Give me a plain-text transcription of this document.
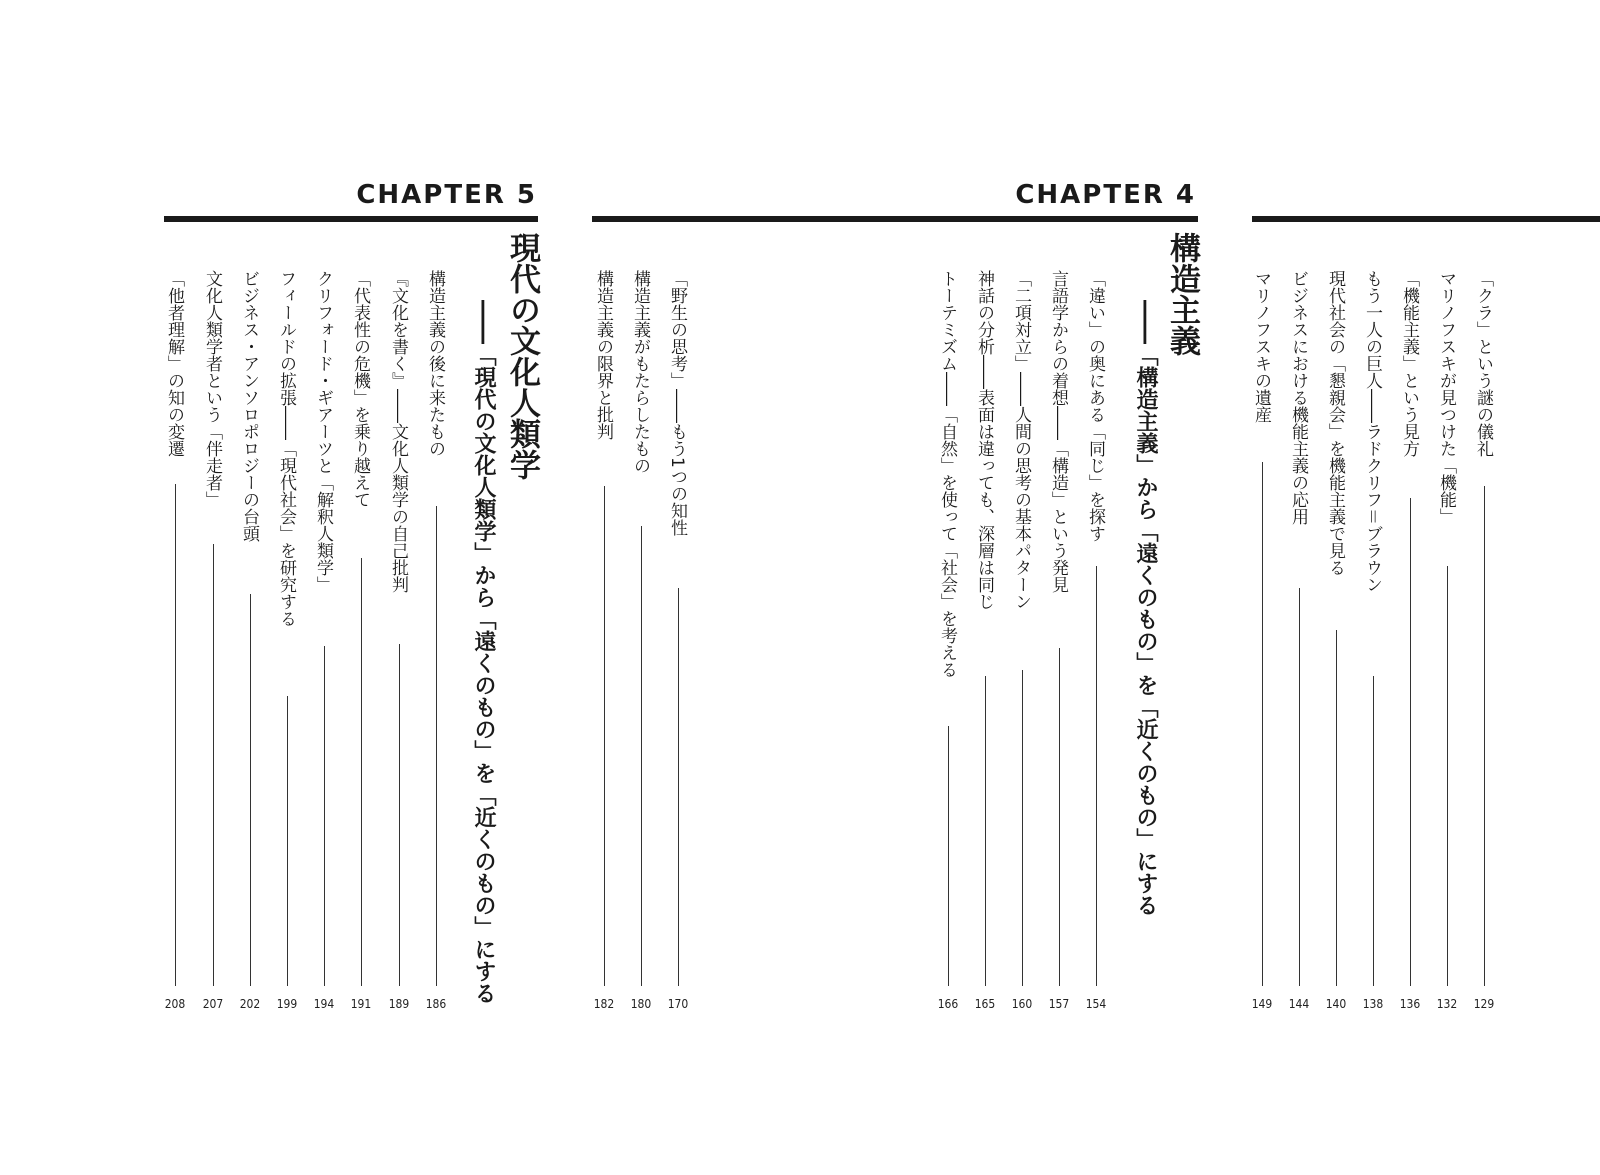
CHAPTER 5	CHAPTER 4
現代の文化人類学
――「現代の文化人類学」から「遠くのもの」を「近くのもの」にする
構造主義
――「構造主義」から「遠くのもの」を「近くのもの」にする
構造主義の後に来たもの
186
『文化を書く』――文化人類学の自己批判
189
「代表性の危機」を乗り越えて
191
クリフォード・ギアーツと「解釈人類学」
194
フィールドの拡張――「現代社会」を研究する
199
ビジネス・アンソロポロジーの台頭
202
文化人類学者という「伴走者」
207
「他者理解」の知の変遷
208
「違い」の奥にある「同じ」を探す
154
言語学からの着想――「構造」という発見
157
「二項対立」――人間の思考の基本パターン
160
神話の分析――表面は違っても、深層は同じ
165
トーテミズム――「自然」を使って「社会」を考える
166
「野生の思考」――もう1つの知性
170
構造主義がもたらしたもの
180
構造主義の限界と批判
182
「クラ」という謎の儀礼
129
マリノフスキが見つけた「機能」
132
「機能主義」という見方
136
もう一人の巨人――ラドクリフ＝ブラウン
138
現代社会の「懇親会」を機能主義で見る
140
ビジネスにおける機能主義の応用
144
マリノフスキの遺産
149
